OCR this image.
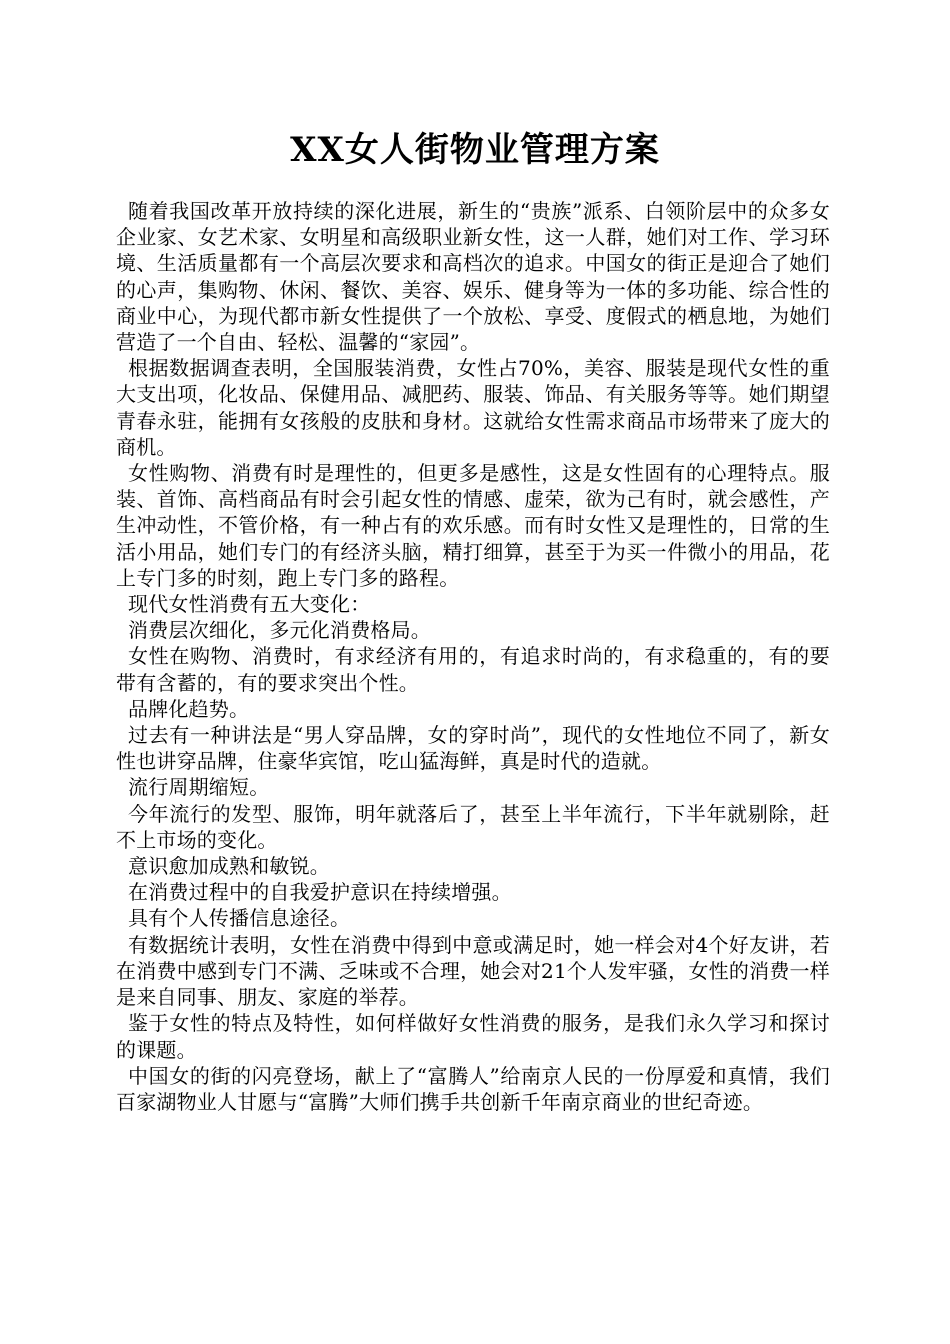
XX女人街物业管理方案

随着我国改革开放持续的深化进展，新生的“贵族”派系、白领阶层中的众多女企业家、女艺术家、女明星和高级职业新女性，这一人群，她们对工作、学习环境、生活质量都有一个高层次要求和高档次的追求。中国女的街正是迎合了她们的心声，集购物、休闲、餐饮、美容、娱乐、健身等为一体的多功能、综合性的商业中心，为现代都市新女性提供了一个放松、享受、度假式的栖息地，为她们营造了一个自由、轻松、温馨的“家园”。

根据数据调查表明，全国服装消费，女性占70%，美容、服装是现代女性的重大支出项，化妆品、保健用品、减肥药、服装、饰品、有关服务等等。她们期望青春永驻，能拥有女孩般的皮肤和身材。这就给女性需求商品市场带来了庞大的商机。

女性购物、消费有时是理性的，但更多是感性，这是女性固有的心理特点。服装、首饰、高档商品有时会引起女性的情感、虚荣，欲为己有时，就会感性，产生冲动性，不管价格，有一种占有的欢乐感。而有时女性又是理性的，日常的生活小用品，她们专门的有经济头脑，精打细算，甚至于为买一件微小的用品，花上专门多的时刻，跑上专门多的路程。

现代女性消费有五大变化：

消费层次细化，多元化消费格局。

女性在购物、消费时，有求经济有用的，有追求时尚的，有求稳重的，有的要带有含蓄的，有的要求突出个性。

品牌化趋势。

过去有一种讲法是“男人穿品牌，女的穿时尚”，现代的女性地位不同了，新女性也讲穿品牌，住豪华宾馆，吃山猛海鲜，真是时代的造就。

流行周期缩短。

今年流行的发型、服饰，明年就落后了，甚至上半年流行，下半年就剔除，赶不上市场的变化。

意识愈加成熟和敏锐。

在消费过程中的自我爱护意识在持续增强。

具有个人传播信息途径。

有数据统计表明，女性在消费中得到中意或满足时，她一样会对4个好友讲，若在消费中感到专门不满、乏味或不合理，她会对21个人发牢骚，女性的消费一样是来自同事、朋友、家庭的举荐。

鉴于女性的特点及特性，如何样做好女性消费的服务，是我们永久学习和探讨的课题。

中国女的街的闪亮登场，献上了“富腾人”给南京人民的一份厚爱和真情，我们百家湖物业人甘愿与“富腾”大师们携手共创新千年南京商业的世纪奇迹。
